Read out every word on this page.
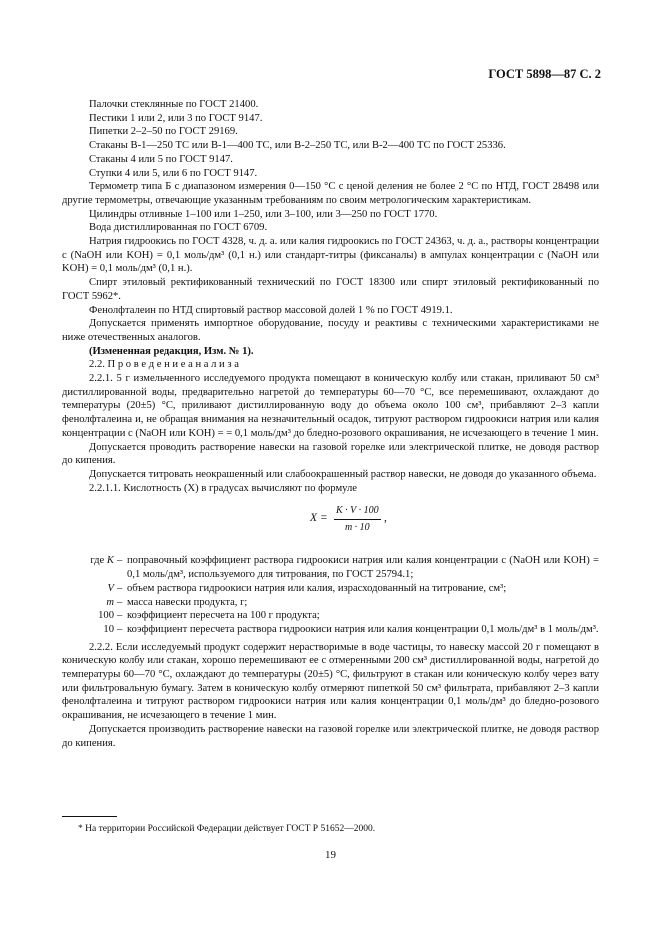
ГОСТ 5898—87 С. 2

Палочки стеклянные по ГОСТ 21400.

Пестики 1 или 2, или 3 по ГОСТ 9147.

Пипетки 2–2–50 по ГОСТ 29169.

Стаканы В-1—250 ТС или В-1—400 ТС, или В-2–250 ТС, или В-2—400 ТС по ГОСТ 25336.

Стаканы 4 или 5 по ГОСТ 9147.

Ступки 4 или 5, или 6 по ГОСТ 9147.

Термометр типа Б с диапазоном измерения 0—150 °С с ценой деления не более 2 °С по НТД, ГОСТ 28498 или другие термометры, отвечающие указанным требованиям по своим метрологическим характеристикам.

Цилиндры отливные 1–100 или 1–250, или 3–100, или 3—250 по ГОСТ 1770.

Вода дистиллированная по ГОСТ 6709.

Натрия гидроокись по ГОСТ 4328, ч. д. а. или калия гидроокись по ГОСТ 24363, ч. д. а., растворы концентрации c (NaOH или KOH) = 0,1 моль/дм³ (0,1 н.) или стандарт-титры (фиксаналы) в ампулах концентрации c (NaOH или KOH) = 0,1 моль/дм³ (0,1 н.).

Спирт этиловый ректификованный технический по ГОСТ 18300 или спирт этиловый ректификованный по ГОСТ 5962*.

Фенолфталеин по НТД спиртовый раствор массовой долей 1 % по ГОСТ 4919.1.

Допускается применять импортное оборудование, посуду и реактивы с техническими характеристиками не ниже отечественных аналогов.

(Измененная редакция, Изм. № 1).

2.2. П р о в е д е н и е а н а л и з а

2.2.1. 5 г измельченного исследуемого продукта помещают в коническую колбу или стакан, приливают 50 см³ дистиллированной воды, предварительно нагретой до температуры 60—70 °С, все перемешивают, охлаждают до температуры (20±5) °С, приливают дистиллированную воду до объема около 100 см³, прибавляют 2–3 капли фенолфталеина и, не обращая внимания на незначительный осадок, титруют раствором гидроокиси натрия или калия концентрации c (NaOH или KOH) = = 0,1 моль/дм³ до бледно-розового окрашивания, не исчезающего в течение 1 мин.

Допускается проводить растворение навески на газовой горелке или электрической плитке, не доводя раствор до кипения.

Допускается титровать неокрашенный или слабоокрашенный раствор навески, не доводя до указанного объема.

2.2.1.1. Кислотность (X) в градусах вычисляют по формуле

$X = \frac{K \cdot V \cdot 100}{m \cdot 10}$ ,

где K – поправочный коэффициент раствора гидроокиси натрия или калия концентрации c (NaOH или KOH) = 0,1 моль/дм³, используемого для титрования, по ГОСТ 25794.1;
V – объем раствора гидроокиси натрия или калия, израсходованный на титрование, см³;
m – масса навески продукта, г;
100 – коэффициент пересчета на 100 г продукта;
10 – коэффициент пересчета раствора гидроокиси натрия или калия концентрации 0,1 моль/дм³ в 1 моль/дм³.

2.2.2. Если исследуемый продукт содержит нерастворимые в воде частицы, то навеску массой 20 г помещают в коническую колбу или стакан, хорошо перемешивают ее с отмеренными 200 см³ дистиллированной воды, нагретой до температуры 60—70 °С, охлаждают до температуры (20±5) °С, фильтруют в стакан или коническую колбу через вату или фильтровальную бумагу. Затем в коническую колбу отмеряют пипеткой 50 см³ фильтрата, прибавляют 2–3 капли фенолфталеина и титруют раствором гидроокиси натрия или калия концентрации 0,1 моль/дм³ до бледно-розового окрашивания, не исчезающего в течение 1 мин.

Допускается производить растворение навески на газовой горелке или электрической плитке, не доводя раствор до кипения.

* На территории Российской Федерации действует ГОСТ Р 51652—2000.
19
